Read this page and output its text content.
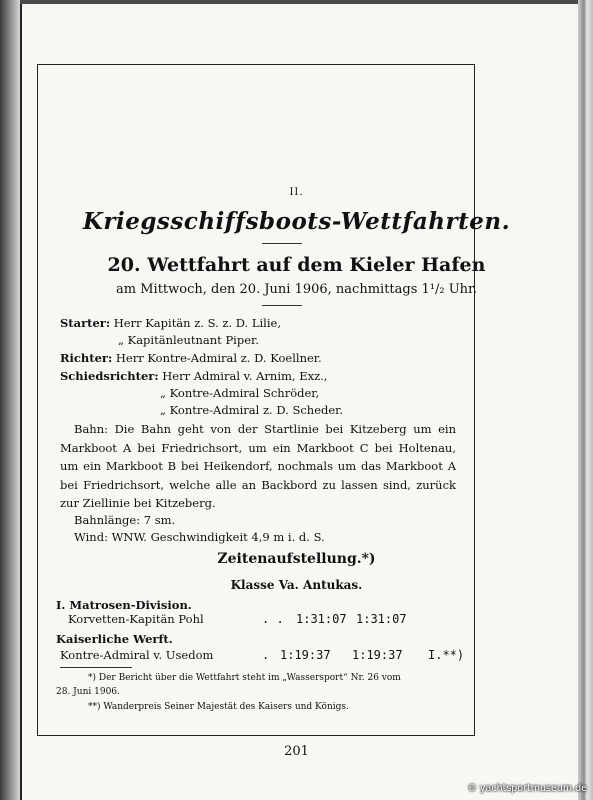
II.
Kriegsschiffsboots-Wettfahrten.
20. Wettfahrt auf dem Kieler Hafen
am Mittwoch, den 20. Juni 1906, nachmittags 1¹/₂ Uhr.
Starter: Herr Kapitän z. S. z. D. Lilie,
„ Kapitänleutnant Piper.
Richter: Herr Kontre-Admiral z. D. Koellner.
Schiedsrichter: Herr Admiral v. Arnim, Exz.,
„ Kontre-Admiral Schröder,
„ Kontre-Admiral z. D. Scheder.
Bahn: Die Bahn geht von der Startlinie bei Kitzeberg um ein Markboot A bei Friedrichsort, um ein Markboot C bei Holtenau, um ein Markboot B bei Heikendorf, nochmals um das Markboot A bei Friedrichsort, welche alle an Backbord zu lassen sind, zurück zur Ziellinie bei Kitzeberg.
Bahnlänge: 7 sm.
Wind: WNW. Geschwindigkeit 4,9 m i. d. S.
Zeitenaufstellung.*)
Klasse Va. Antukas.
I. Matrosen-Division.
Korvetten-Kapitän Pohl	. . 1:31:07 1:31:07
Kaiserliche Werft.
Kontre-Admiral v. Usedom	. 1:19:37 1:19:37 I.**)
*) Der Bericht über die Wettfahrt steht im „Wassersport“ Nr. 26 vom
28. Juni 1906.
**) Wanderpreis Seiner Majestät des Kaisers und Königs.
201
© yachtsportmuseum.de
